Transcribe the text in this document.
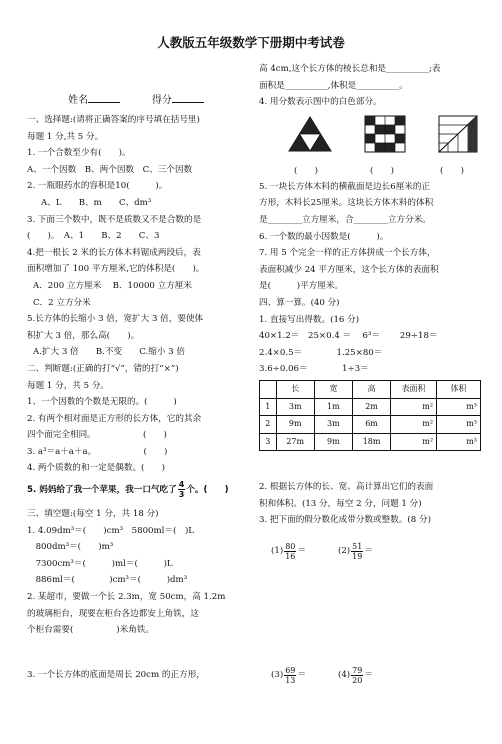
人教版五年级数学下册期中考试卷
姓名	得分
一、选择题:(请将正确答案的序号填在括号里)
每题 1 分,共 5 分。
1. 一个合数至少有(　　)。
A、一个因数　B、两个因数　C、三个因数
2. 一瓶眼药水的容积是10(　　　)。
A、L　　B、m　　C、dm³
3. 下面三个数中，既不是质数又不是合数的是
(　　)。　A、1　　B、2　　C、3
4.把一根长 2 米的长方体木料锯成两段后，表
面积增加了 100 平方厘米,它的体积是(　　)。
A．200 立方厘米　 B．10000 立方厘米
C．2 立方分米
5.长方体的长缩小 3 倍，宽扩大 3 倍，要使体
积扩大 3 倍，那么高(　　)。
A.扩大 3 倍　　B.不变　　C.缩小 3 倍
二、判断题:(正确的打“√”，错的打“×”)
每题 1 分，共 5 分。
1、一个因数的个数是无限的。(　　　)
2. 有两个相对面是正方形的长方体，它的其余
四个面完全相同。　　　　　　(　　)
3. a³＝a＋a＋a。　　　　　　(　　)
4. 两个质数的和一定是偶数。(　　)
5. 妈妈给了我一个苹果，我一口气吃了 $\frac{4}{3}$ 个。(　　)
三、填空题:(每空 1 分，共 18 分)
1. 4.09dm³＝(　　)cm³　5800ml＝(　)L
　800dm³＝(　　)m³
　7300cm³＝(　　　)ml＝(　　　)L
　886ml＝(　　　　)cm³＝(　　　)dm³
2. 某超市，要做一个长 2.3m，宽 50cm，高 1.2m
的玻璃柜台，现要在柜台各边都安上角铁，这
个柜台需要(　　　　　)米角铁。
3. 一个长方体的底面是周长 20cm 的正方形，
高 4cm,这个长方体的棱长总和是__________;表
面积是__________,体积是__________。
4. 用分数表示图中的白色部分。
(　　)	(　　)	(　　)
5. 一块长方体木料的横截面是边长6厘米的正
方形，木料长25厘米。这块长方体木料的体积
是________立方厘米，合________立方分米。
6. 一个数的最小因数是(　　　)。
7. 用 5 个完全一样的正方体拼成一个长方体，
表面积减少 24 平方厘米，这个长方体的表面积
是(　　　)平方厘米。
四、算一算。(40 分)
1. 直接写出得数。(16 分)
40×1.2＝　25×0.4 ＝　 6³＝　　 29÷18＝
2.4×0.5＝　　　　1.25×80＝
3.6÷0.06＝　　　　1÷3＝
	长	宽	高	表面积	体积
1	3m	1m	2m	m²	m³
2	9m	3m	6m	m²	m³
3	27m	9m	18m	m²	m³
2. 根据长方体的长、宽、高计算出它们的表面
积和体积。(13 分，每空 2 分，问题 1 分)
3. 把下面的假分数化成带分数或整数。(8 分)
$(1) \frac{80}{16}$ ＝	$(2) \frac{51}{19}$ ＝
$(3) \frac{69}{13}$ ＝	$(4) \frac{79}{20}$ ＝
